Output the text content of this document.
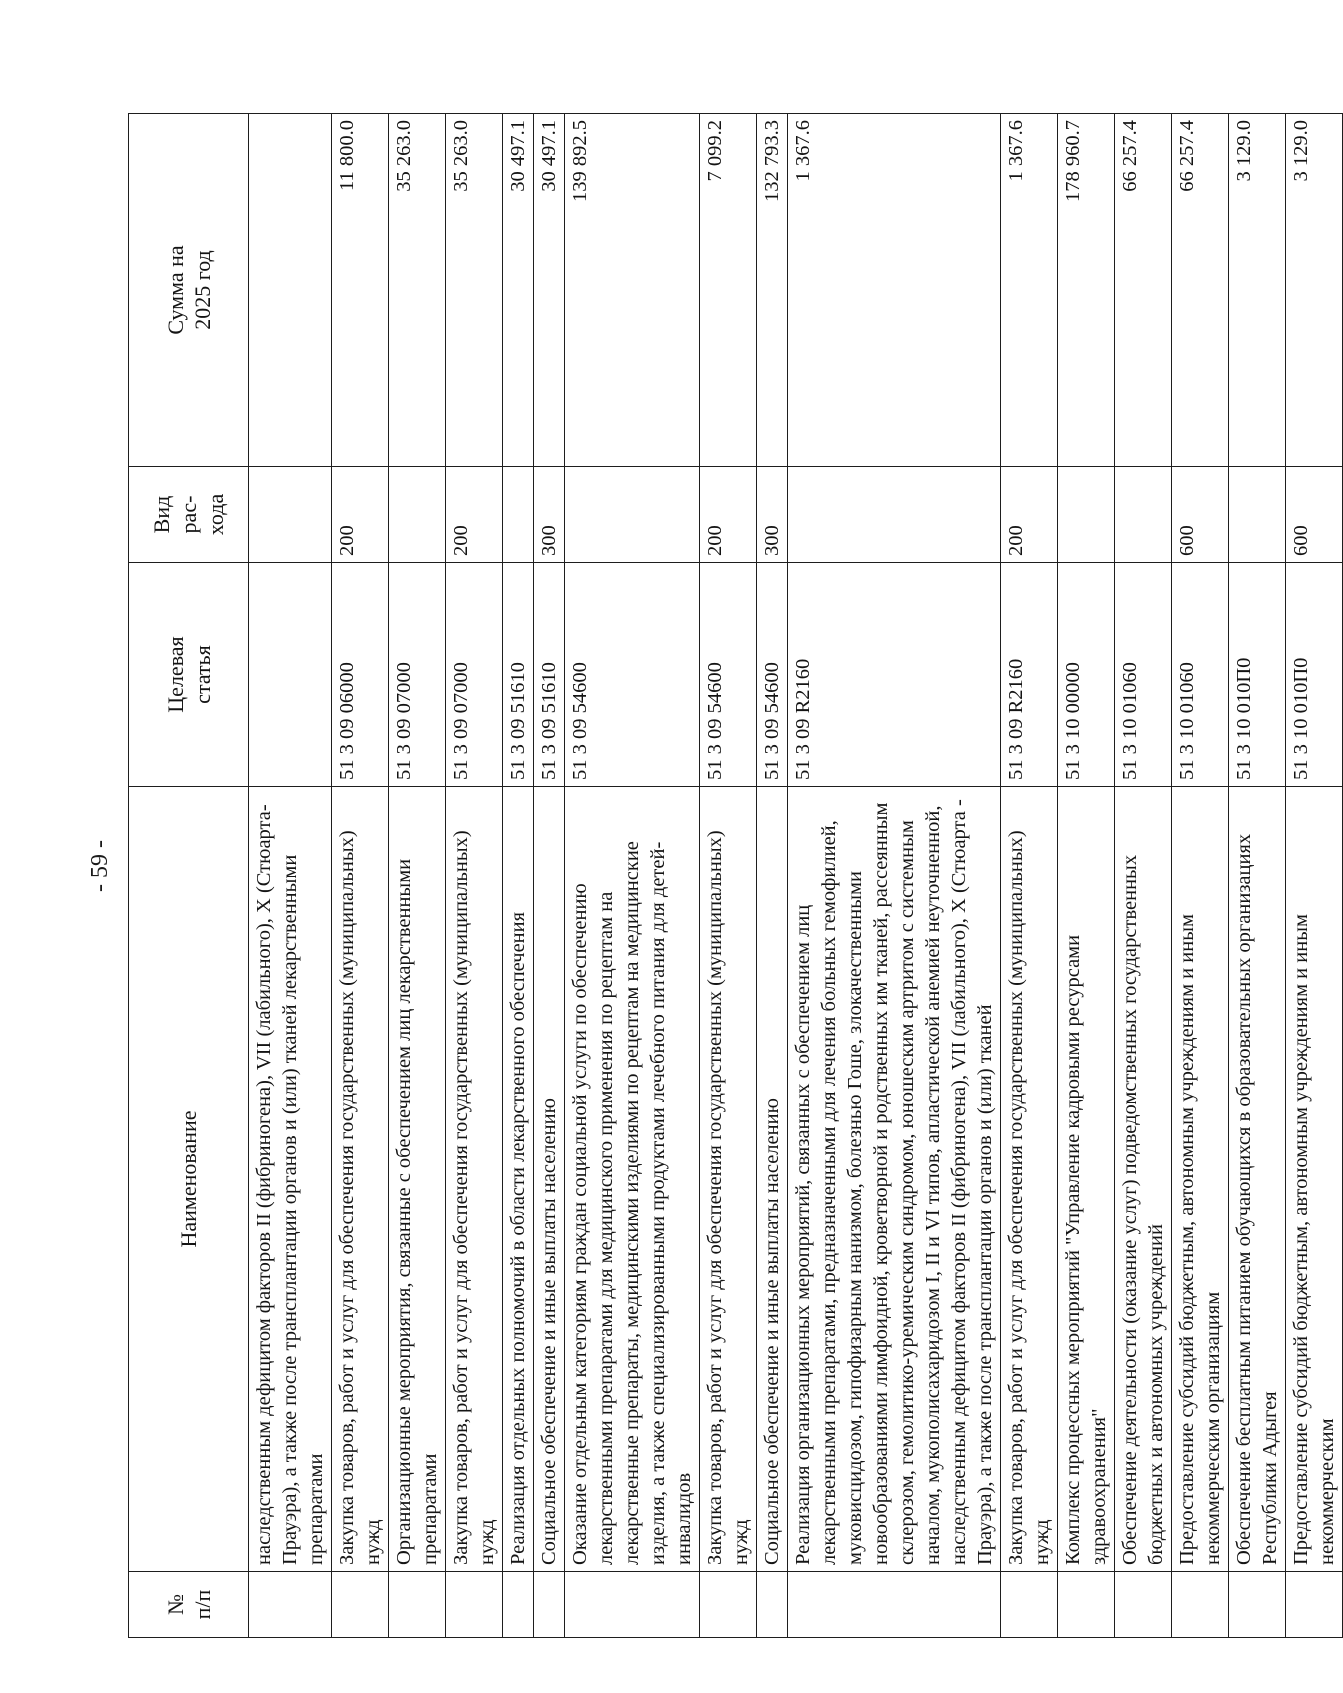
- 59 -
№ п/п	Наименование	Целевая статья	Вид рас- хода	Сумма на 2025 год

	наследственным дефицитом факторов II (фибриногена), VII (лабильного), X (Стюарта-Прауэра), а также после трансплантации органов и (или) тканей лекарственными препаратами			
	Закупка товаров, работ и услуг для обеспечения государственных (муниципальных) нужд	51 3 09 06000	200	11 800.0
	Организационные мероприятия, связанные с обеспечением лиц лекарственными препаратами	51 3 09 07000		35 263.0
	Закупка товаров, работ и услуг для обеспечения государственных (муниципальных) нужд	51 3 09 07000	200	35 263.0
	Реализация отдельных полномочий в области лекарственного обеспечения	51 3 09 51610		30 497.1
	Социальное обеспечение и иные выплаты населению	51 3 09 51610	300	30 497.1
	Оказание отдельным категориям граждан социальной услуги по обеспечению лекарственными препаратами для медицинского применения по рецептам на лекарственные препараты, медицинскими изделиями по рецептам на медицинские изделия, а также специализированными продуктами лечебного питания для детей-инвалидов	51 3 09 54600		139 892.5
	Закупка товаров, работ и услуг для обеспечения государственных (муниципальных) нужд	51 3 09 54600	200	7 099.2
	Социальное обеспечение и иные выплаты населению	51 3 09 54600	300	132 793.3
	Реализация организационных мероприятий, связанных с обеспечением лиц лекарственными препаратами, предназначенными для лечения больных гемофилией, муковисцидозом, гипофизарным нанизмом, болезнью Гоше, злокачественными новообразованиями лимфоидной, кроветворной и родственных им тканей, рассеянным склерозом, гемолитико-уремическим синдромом, юношеским артритом с системным началом, мукополисахаридозом I, II и VI типов, апластической анемией неуточненной, наследственным дефицитом факторов II (фибриногена), VII (лабильного), X (Стюарта - Прауэра), а также после трансплантации органов и (или) тканей	51 3 09 R2160		1 367.6
	Закупка товаров, работ и услуг для обеспечения государственных (муниципальных) нужд	51 3 09 R2160	200	1 367.6
	Комплекс процессных мероприятий "Управление кадровыми ресурсами здравоохранения"	51 3 10 00000		178 960.7
	Обеспечение деятельности (оказание услуг) подведомственных государственных бюджетных и автономных учреждений	51 3 10 01060		66 257.4
	Предоставление субсидий бюджетным, автономным учреждениям и иным некоммерческим организациям	51 3 10 01060	600	66 257.4
	Обеспечение бесплатным питанием обучающихся в образовательных организациях Республики Адыгея	51 3 10 010П0		3 129.0
	Предоставление субсидий бюджетным, автономным учреждениям и иным некоммерческим	51 3 10 010П0	600	3 129.0
